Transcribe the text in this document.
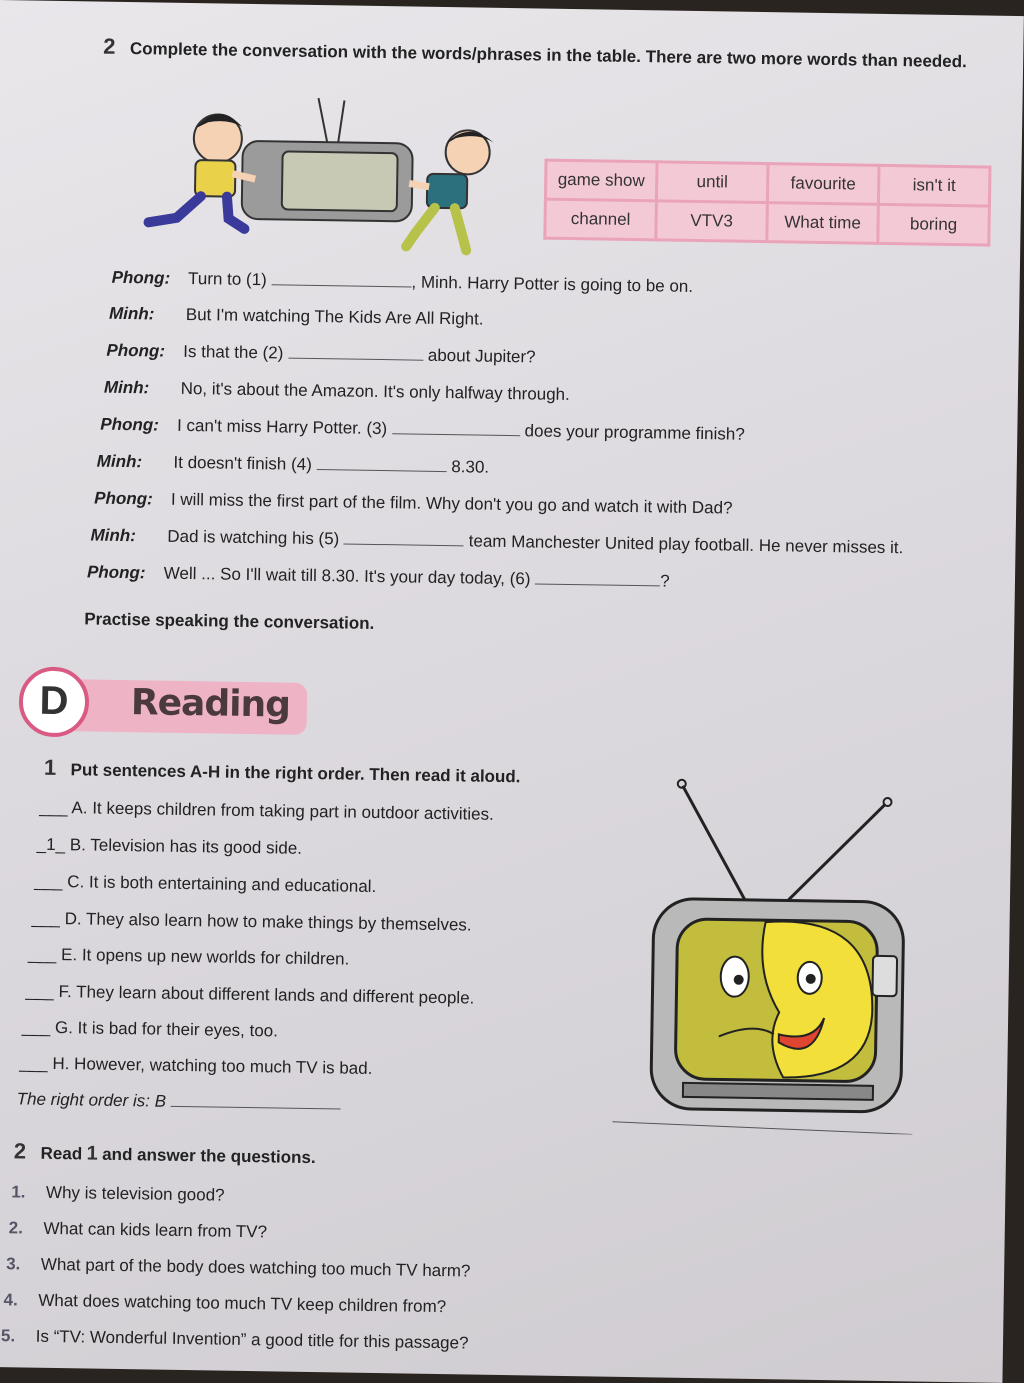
2 Complete the conversation with the words/phrases in the table. There are two more words than needed.
game show	until	favourite	isn't it
channel	VTV3	What time	boring
Phong: Turn to (1)	, Minh. Harry Potter is going to be on.
Minh: But I'm watching The Kids Are All Right.
Phong: Is that the (2)	about Jupiter?
Minh: No, it's about the Amazon. It's only halfway through.
Phong: I can't miss Harry Potter. (3)	does your programme finish?
Minh: It doesn't finish (4)	8.30.
Phong: I will miss the first part of the film. Why don't you go and watch it with Dad?
Minh: Dad is watching his (5)	team Manchester United play football. He never misses it.
Phong: Well ... So I'll wait till 8.30. It's your day today, (6)	?
Practise speaking the conversation.
D	Reading
1 Put sentences A-H in the right order. Then read it aloud.
___ A. It keeps children from taking part in outdoor activities.
_1_ B. Television has its good side.
___ C. It is both entertaining and educational.
___ D. They also learn how to make things by themselves.
___ E. It opens up new worlds for children.
___ F. They learn about different lands and different people.
___ G. It is bad for their eyes, too.
___ H. However, watching too much TV is bad.
The right order is: B
2 Read 1 and answer the questions.
1. Why is television good?
2. What can kids learn from TV?
3. What part of the body does watching too much TV harm?
4. What does watching too much TV keep children from?
5. Is “TV: Wonderful Invention” a good title for this passage?
